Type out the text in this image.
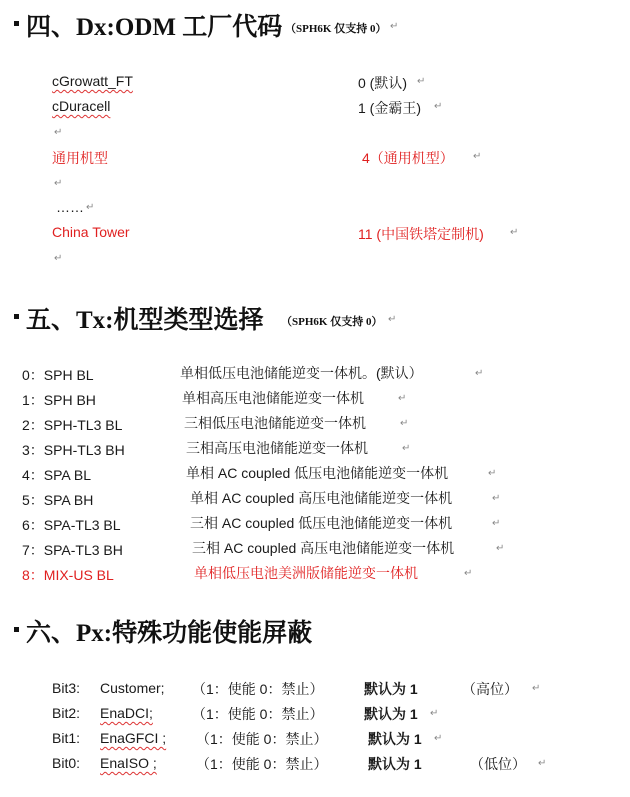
四、Dx:ODM 工厂代码 （SPH6K 仅支持 0） ↵
cGrowatt_FT	0 (默认) ↵
cDuracell	1 (金霸王) ↵
↵
通用机型	4（通用机型） ↵
↵
…… ↵
China Tower	11 (中国铁塔定制机)	↵
↵
五、Tx:机型类型选择 （SPH6K 仅支持 0） ↵
0：SPH BL	单相低压电池储能逆变一体机。(默认）	↵
1：SPH BH	单相高压电池储能逆变一体机	↵
2：SPH-TL3 BL	三相低压电池储能逆变一体机	↵
3：SPH-TL3 BH	三相高压电池储能逆变一体机	↵
4：SPA BL	单相 AC coupled 低压电池储能逆变一体机	↵
5：SPA BH	单相 AC coupled 高压电池储能逆变一体机	↵
6：SPA-TL3 BL	三相 AC coupled 低压电池储能逆变一体机	↵
7：SPA-TL3 BH	三相 AC coupled 高压电池储能逆变一体机	↵
8：MIX-US BL	单相低压电池美洲版储能逆变一体机	↵
六、Px:特殊功能使能屏蔽
Bit3: Customer; （1：使能 0：禁止）	默认为 1	（高位） ↵
Bit2: EnaDCI;	（1：使能 0：禁止）	默认为 1 ↵
Bit1: EnaGFCI ; （1：使能 0：禁止）	默认为 1 ↵
Bit0: EnaISO ;	（1：使能 0：禁止）	默认为 1	（低位） ↵
